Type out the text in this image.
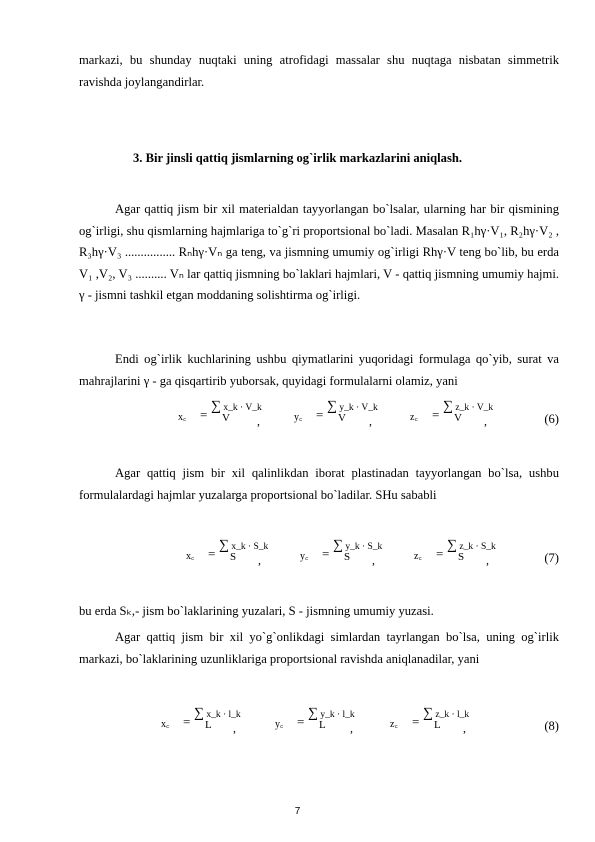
markazi, bu shunday nuqtaki uning atrofidagi massalar shu nuqtaga nisbatan simmetrik ravishda joylangandirlar.

3. Bir jinsli qattiq jismlarning og`irlik markazlarini aniqlash.

Agar qattiq jism bir xil materialdan tayyorlangan bo`lsalar, ularning har bir qismining og`irligi, shu qismlarning hajmlariga to`g`ri proportsional bo`ladi. Masalan R₁hγ·V₁, R₂hγ·V₂ , R₃hγ·V₃ ................ Rₙhγ·Vₙ ga teng, va jismning umumiy og`irligi Rhγ·V teng bo`lib, bu erda V₁ ,V₂, V₃ .......... Vₙ lar qattiq jismning bo`laklari hajmlari, V - qattiq jismning umumiy hajmi. γ - jismni tashkil etgan moddaning solishtirma og`irligi.

Endi og`irlik kuchlarining ushbu qiymatlarini yuqoridagi formulaga qo`yib, surat va mahrajlarini γ - ga qisqartirib yuborsak, quyidagi formulalarni olamiz, yani

x꜀ =
∑ x_k · V_k
V ,	y꜀ =
∑ y_k · V_k
V ,	z꜀ =
∑ z_k · V_k
V ,	(6)

Agar qattiq jism bir xil qalinlikdan iborat plastinadan tayyorlangan bo`lsa, ushbu formulalardagi hajmlar yuzalarga proportsional bo`ladilar. SHu sababli

x꜀ =
∑ x_k · S_k
S ,	y꜀ =
∑ y_k · S_k
S ,	z꜀ =
∑ z_k · S_k
S ,	(7)

bu erda Sₖ,- jism bo`laklarining yuzalari, S - jismning umumiy yuzasi.

Agar qattiq jism bir xil yo`g`onlikdagi simlardan tayrlangan bo`lsa, uning og`irlik markazi, bo`laklarining uzunliklariga proportsional ravishda aniqlanadilar, yani

x꜀ =
∑ x_k · l_k
L ,	y꜀ =
∑ y_k · l_k
L ,	z꜀ =
∑ z_k · l_k
L ,	(8)
7
